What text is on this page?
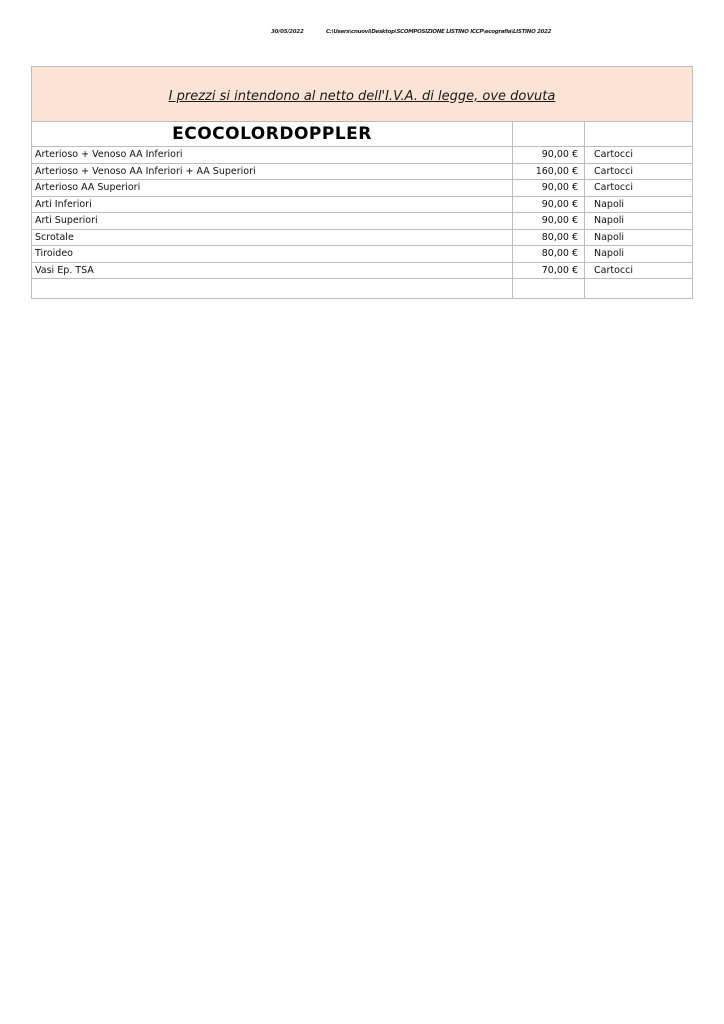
30/05/2022	C:\Users\cnuovi\Desktop\SCOMPOSIZIONE LISTINO ICCP\ecografia\LISTINO 2022
I prezzi si intendono al netto dell'I.V.A. di legge, ove dovuta		
ECOCOLORDOPPLER		
Arterioso + Venoso AA Inferiori	90,00 €	Cartocci
Arterioso + Venoso AA Inferiori + AA Superiori	160,00 €	Cartocci
Arterioso AA Superiori	90,00 €	Cartocci
Arti Inferiori	90,00 €	Napoli
Arti Superiori	90,00 €	Napoli
Scrotale	80,00 €	Napoli
Tiroideo	80,00 €	Napoli
Vasi Ep. TSA	70,00 €	Cartocci
